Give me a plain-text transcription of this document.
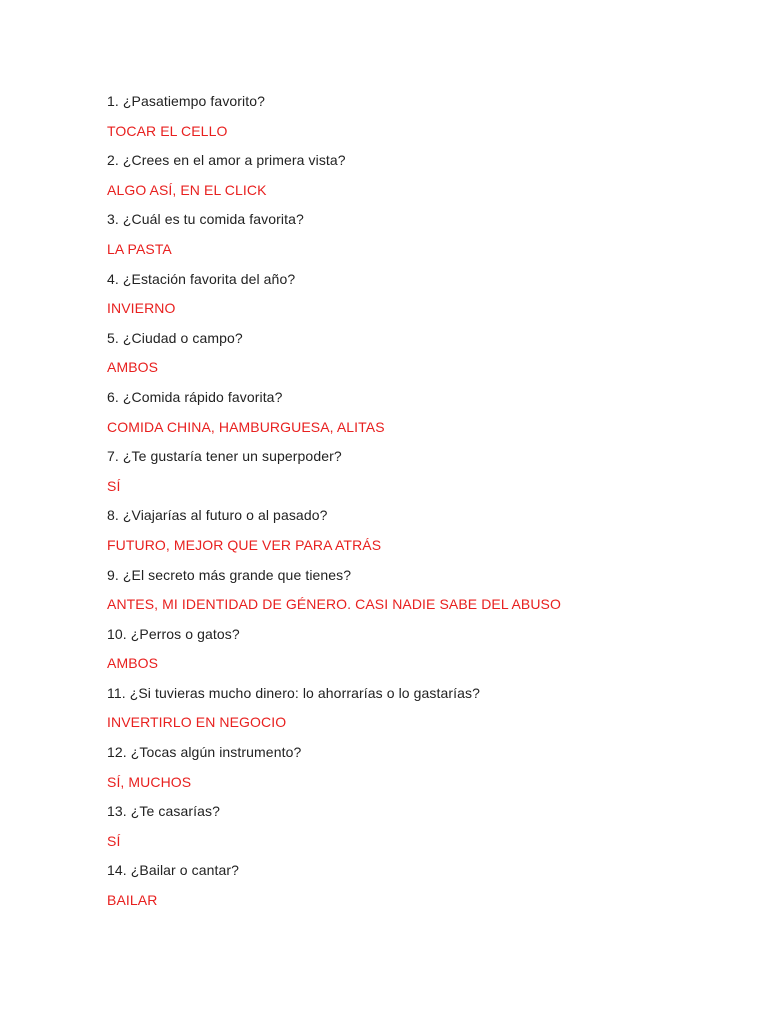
1. ¿Pasatiempo favorito?
TOCAR EL CELLO
2. ¿Crees en el amor a primera vista?
ALGO ASÍ, EN EL CLICK
3. ¿Cuál es tu comida favorita?
LA PASTA
4. ¿Estación favorita del año?
INVIERNO
5. ¿Ciudad o campo?
AMBOS
6. ¿Comida rápido favorita?
COMIDA CHINA, HAMBURGUESA, ALITAS
7. ¿Te gustaría tener un superpoder?
SÍ
8. ¿Viajarías al futuro o al pasado?
FUTURO, MEJOR QUE VER PARA ATRÁS
9. ¿El secreto más grande que tienes?
ANTES, MI IDENTIDAD DE GÉNERO. CASI NADIE SABE DEL ABUSO
10. ¿Perros o gatos?
AMBOS
11. ¿Si tuvieras mucho dinero: lo ahorrarías o lo gastarías?
INVERTIRLO EN NEGOCIO
12. ¿Tocas algún instrumento?
SÍ, MUCHOS
13. ¿Te casarías?
SÍ
14. ¿Bailar o cantar?
BAILAR
